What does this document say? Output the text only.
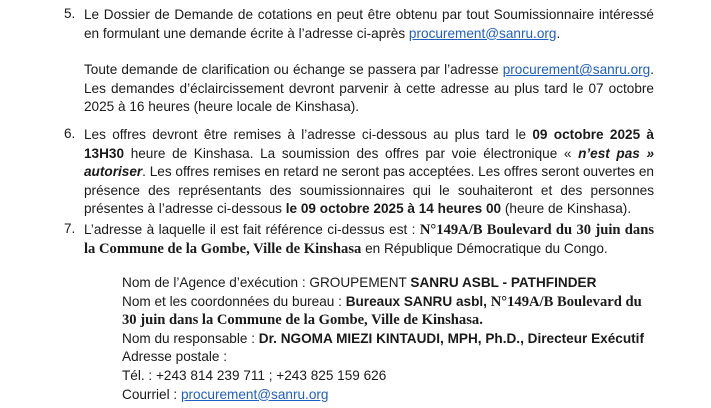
5. Le Dossier de Demande de cotations en peut être obtenu par tout Soumissionnaire intéressé en formulant une demande écrite à l’adresse ci-après procurement@sanru.org.

Toute demande de clarification ou échange se passera par l’adresse procurement@sanru.org. Les demandes d’éclaircissement devront parvenir à cette adresse au plus tard le 07 octobre 2025 à 16 heures (heure locale de Kinshasa).

6. Les offres devront être remises à l’adresse ci-dessous au plus tard le 09 octobre 2025 à 13H30 heure de Kinshasa. La soumission des offres par voie électronique « n’est pas » autoriser. Les offres remises en retard ne seront pas acceptées. Les offres seront ouvertes en présence des représentants des soumissionnaires qui le souhaiteront et des personnes présentes à l’adresse ci-dessous le 09 octobre 2025 à 14 heures 00 (heure de Kinshasa).

7. L’adresse à laquelle il est fait référence ci-dessus est : N°149A/B Boulevard du 30 juin dans la Commune de la Gombe, Ville de Kinshasa en République Démocratique du Congo.

Nom de l’Agence d’exécution : GROUPEMENT SANRU ASBL - PATHFINDER
Nom et les coordonnées du bureau : Bureaux SANRU asbl, N°149A/B Boulevard du
30 juin dans la Commune de la Gombe, Ville de Kinshasa.
Nom du responsable : Dr. NGOMA MIEZI KINTAUDI, MPH, Ph.D., Directeur Exécutif
Adresse postale :
Tél. : +243 814 239 711 ; +243 825 159 626
Courriel : procurement@sanru.org
